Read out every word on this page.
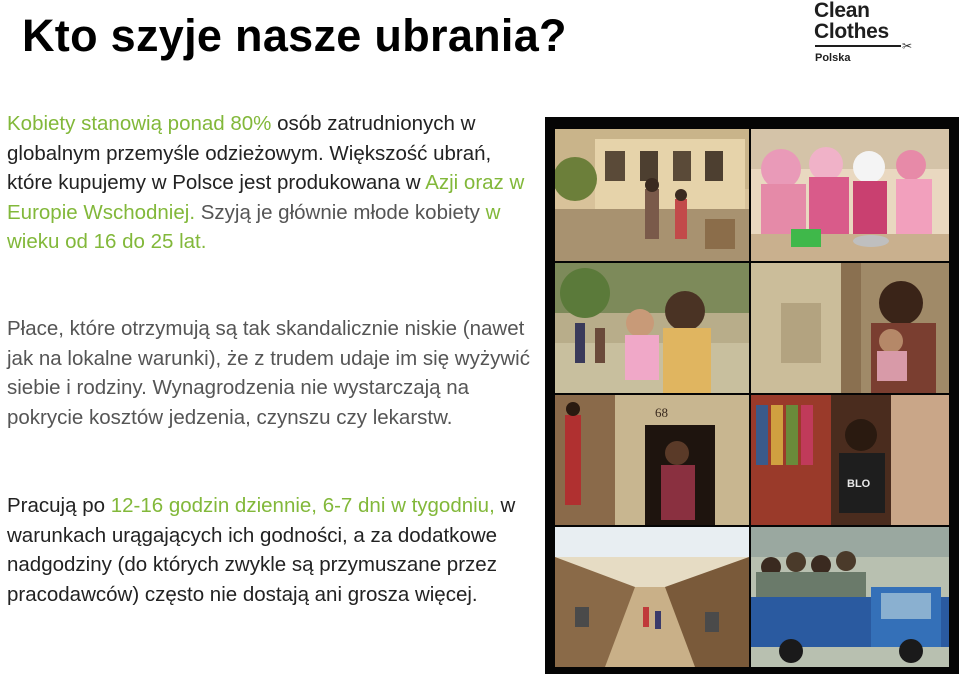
Kto szyje nasze ubrania?	Clean
Clothes
✂
Polska

Kobiety stanowią ponad 80% osób zatrudnionych w globalnym przemyśle odzieżowym. Większość ubrań, które kupujemy w Polsce jest produkowana w Azji oraz w Europie Wschodniej. Szyją je głównie młode kobiety w wieku od 16 do 25 lat.

Płace, które otrzymują są tak skandalicznie niskie (nawet jak na lokalne warunki), że z trudem udaje im się wyżywić siebie i rodziny. Wynagrodzenia nie wystarczają na pokrycie kosztów jedzenia, czynszu czy lekarstw.

Pracują po 12-16 godzin dziennie, 6-7 dni w tygodniu, w warunkach urągających ich godności, a za dodatkowe nadgodziny (do których zwykle są przymuszane przez pracodawców) często nie dostają ani grosza więcej.

68
BLO
